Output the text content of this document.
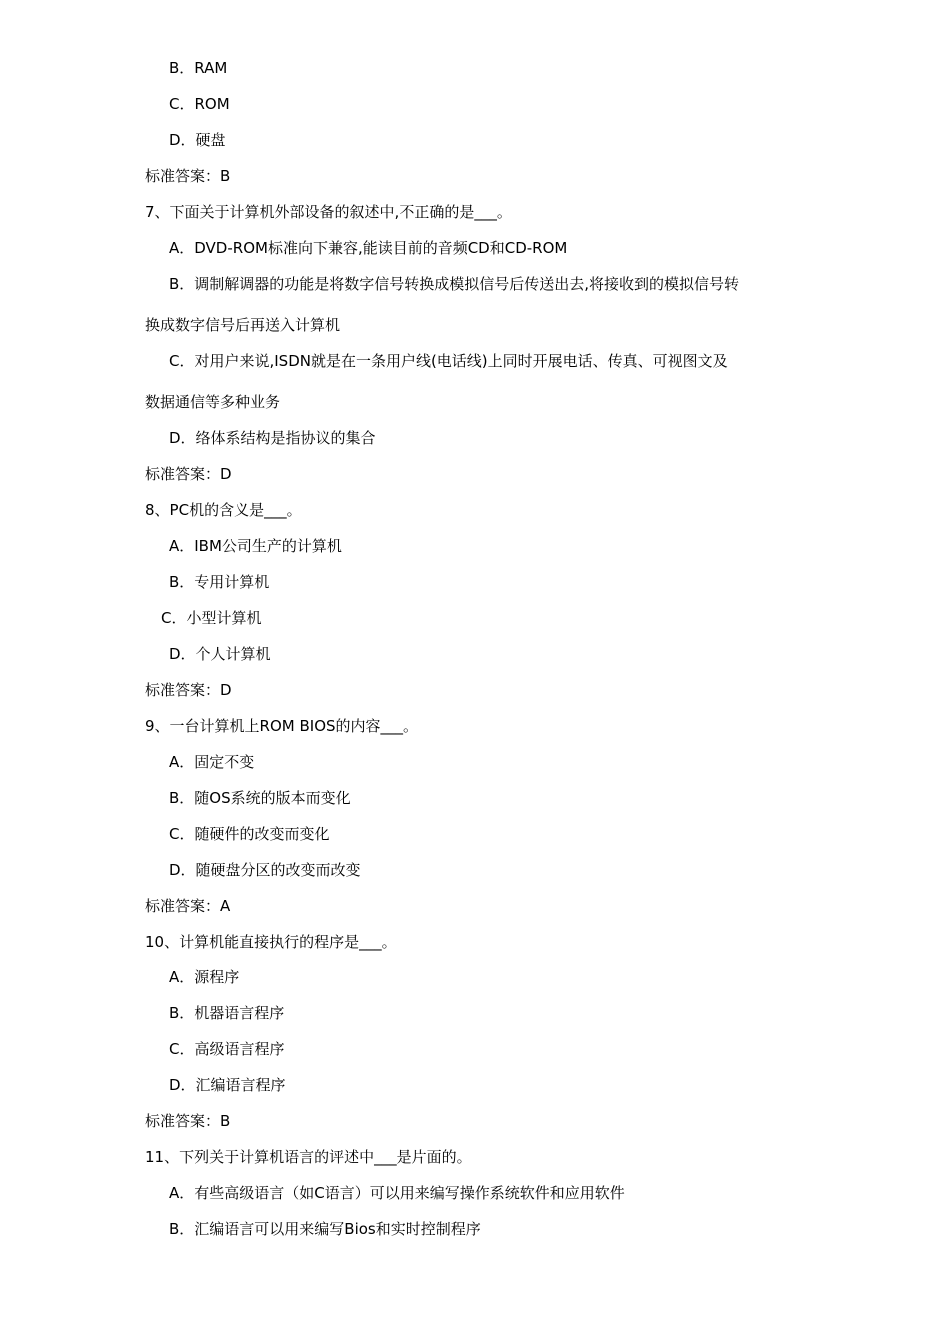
B．RAM
C．ROM
D．硬盘
标准答案：B
7、下面关于计算机外部设备的叙述中,不正确的是___。
A．DVD-ROM标准向下兼容,能读目前的音频CD和CD-ROM
B．调制解调器的功能是将数字信号转换成模拟信号后传送出去,将接收到的模拟信号转
换成数字信号后再送入计算机
C．对用户来说,ISDN就是在一条用户线(电话线)上同时开展电话、传真、可视图文及
数据通信等多种业务
D．络体系结构是指协议的集合
标准答案：D
8、PC机的含义是___。
A．IBM公司生产的计算机
B．专用计算机
C．小型计算机
D．个人计算机
标准答案：D
9、一台计算机上ROM BIOS的内容___。
A．固定不变
B．随OS系统的版本而变化
C．随硬件的改变而变化
D．随硬盘分区的改变而改变
标准答案：A
10、计算机能直接执行的程序是___。
A．源程序
B．机器语言程序
C．高级语言程序
D．汇编语言程序
标准答案：B
11、下列关于计算机语言的评述中___是片面的。
A．有些高级语言（如C语言）可以用来编写操作系统软件和应用软件
B．汇编语言可以用来编写Bios和实时控制程序
